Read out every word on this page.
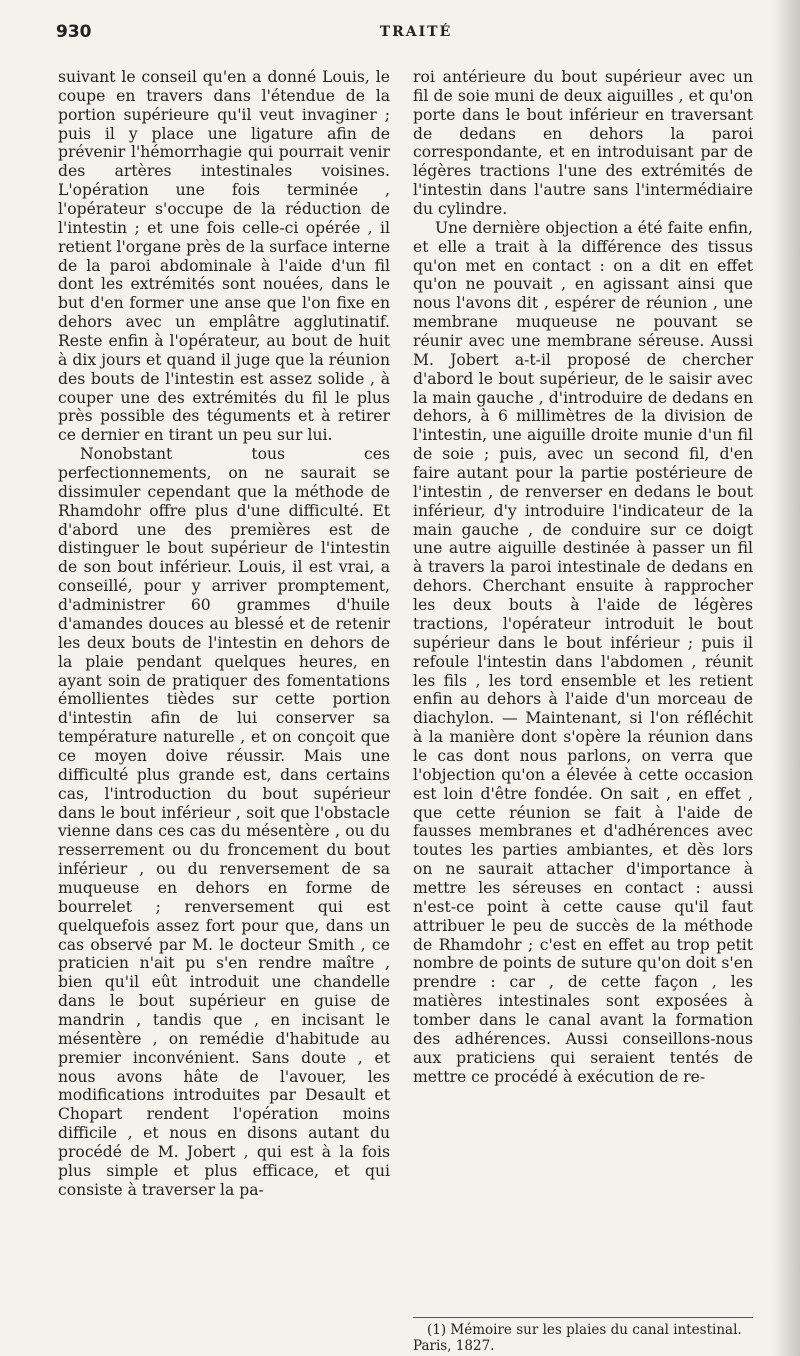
930	TRAITÉ

suivant le conseil qu'en a donné Louis, le coupe en travers dans l'étendue de la portion supérieure qu'il veut invaginer ; puis il y place une ligature afin de prévenir l'hémorrhagie qui pourrait venir des artères intestinales voisines. L'opération une fois terminée , l'opérateur s'occupe de la réduction de l'intestin ; et une fois celle-ci opérée , il retient l'organe près de la surface interne de la paroi abdominale à l'aide d'un fil dont les extrémités sont nouées, dans le but d'en former une anse que l'on fixe en dehors avec un emplâtre agglutinatif. Reste enfin à l'opérateur, au bout de huit à dix jours et quand il juge que la réunion des bouts de l'intestin est assez solide , à couper une des extrémités du fil le plus près possible des téguments et à retirer ce dernier en tirant un peu sur lui.

Nonobstant tous ces perfectionnements, on ne saurait se dissimuler cependant que la méthode de Rhamdohr offre plus d'une difficulté. Et d'abord une des premières est de distinguer le bout supérieur de l'intestin de son bout inférieur. Louis, il est vrai, a conseillé, pour y arriver promptement, d'administrer 60 grammes d'huile d'amandes douces au blessé et de retenir les deux bouts de l'intestin en dehors de la plaie pendant quelques heures, en ayant soin de pratiquer des fomentations émollientes tièdes sur cette portion d'intestin afin de lui conserver sa température naturelle , et on conçoit que ce moyen doive réussir. Mais une difficulté plus grande est, dans certains cas, l'introduction du bout supérieur dans le bout inférieur , soit que l'obstacle vienne dans ces cas du mésentère , ou du resserrement ou du froncement du bout inférieur , ou du renversement de sa muqueuse en dehors en forme de bourrelet ; renversement qui est quelquefois assez fort pour que, dans un cas observé par M. le docteur Smith , ce praticien n'ait pu s'en rendre maître , bien qu'il eût introduit une chandelle dans le bout supérieur en guise de mandrin , tandis que , en incisant le mésentère , on remédie d'habitude au premier inconvénient. Sans doute , et nous avons hâte de l'avouer, les modifications introduites par Desault et Chopart rendent l'opération moins difficile , et nous en disons autant du procédé de M. Jobert , qui est à la fois plus simple et plus efficace, et qui consiste à traverser la pa-

roi antérieure du bout supérieur avec un fil de soie muni de deux aiguilles , et qu'on porte dans le bout inférieur en traversant de dedans en dehors la paroi correspondante, et en introduisant par de légères tractions l'une des extrémités de l'intestin dans l'autre sans l'intermédiaire du cylindre.

Une dernière objection a été faite enfin, et elle a trait à la différence des tissus qu'on met en contact : on a dit en effet qu'on ne pouvait , en agissant ainsi que nous l'avons dit , espérer de réunion , une membrane muqueuse ne pouvant se réunir avec une membrane séreuse. Aussi M. Jobert a-t-il proposé de chercher d'abord le bout supérieur, de le saisir avec la main gauche , d'introduire de dedans en dehors, à 6 millimètres de la division de l'intestin, une aiguille droite munie d'un fil de soie ; puis, avec un second fil, d'en faire autant pour la partie postérieure de l'intestin , de renverser en dedans le bout inférieur, d'y introduire l'indicateur de la main gauche , de conduire sur ce doigt une autre aiguille destinée à passer un fil à travers la paroi intestinale de dedans en dehors. Cherchant ensuite à rapprocher les deux bouts à l'aide de légères tractions, l'opérateur introduit le bout supérieur dans le bout inférieur ; puis il refoule l'intestin dans l'abdomen , réunit les fils , les tord ensemble et les retient enfin au dehors à l'aide d'un morceau de diachylon. — Maintenant, si l'on réfléchit à la manière dont s'opère la réunion dans le cas dont nous parlons, on verra que l'objection qu'on a élevée à cette occasion est loin d'être fondée. On sait , en effet , que cette réunion se fait à l'aide de fausses membranes et d'adhérences avec toutes les parties ambiantes, et dès lors on ne saurait attacher d'importance à mettre les séreuses en contact : aussi n'est-ce point à cette cause qu'il faut attribuer le peu de succès de la méthode de Rhamdohr ; c'est en effet au trop petit nombre de points de suture qu'on doit s'en prendre : car , de cette façon , les matières intestinales sont exposées à tomber dans le canal avant la formation des adhérences. Aussi conseillons-nous aux praticiens qui seraient tentés de mettre ce procédé à exécution de re-

(1) Mémoire sur les plaies du canal intestinal. Paris, 1827.
